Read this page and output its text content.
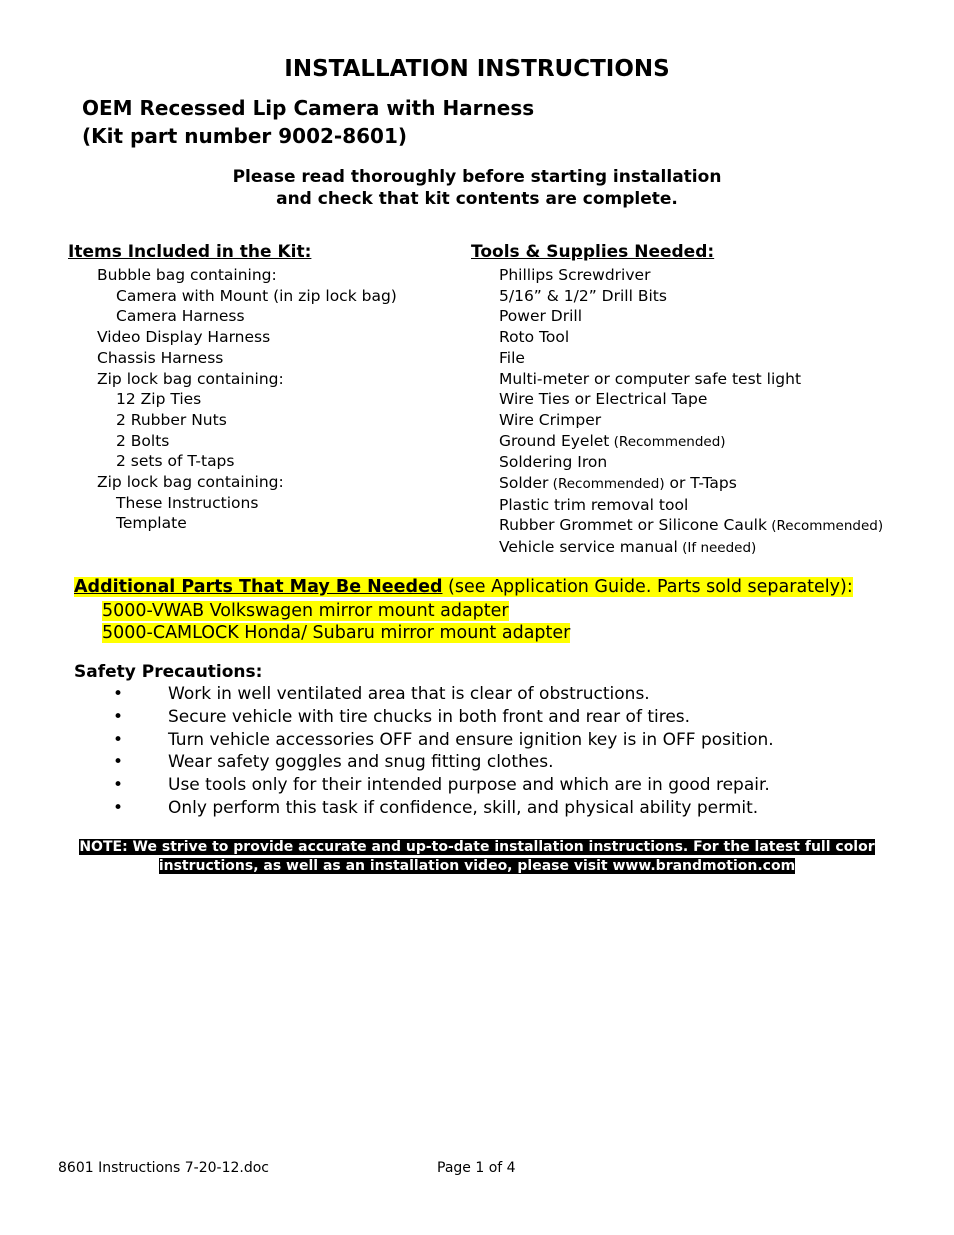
INSTALLATION INSTRUCTIONS
OEM Recessed Lip Camera with Harness
(Kit part number 9002-8601)
Please read thoroughly before starting installation
and check that kit contents are complete.
Items Included in the Kit:
Bubble bag containing:
Camera with Mount (in zip lock bag)
Camera Harness
Video Display Harness
Chassis Harness
Zip lock bag containing:
12 Zip Ties
2 Rubber Nuts
2 Bolts
2 sets of T-taps
Zip lock bag containing:
These Instructions
Template
Tools & Supplies Needed:
Phillips Screwdriver
5/16” & 1/2” Drill Bits
Power Drill
Roto Tool
File
Multi-meter or computer safe test light
Wire Ties or Electrical Tape
Wire Crimper
Ground Eyelet (Recommended)
Soldering Iron
Solder (Recommended) or T-Taps
Plastic trim removal tool
Rubber Grommet or Silicone Caulk (Recommended)
Vehicle service manual (If needed)
Additional Parts That May Be Needed (see Application Guide. Parts sold separately):
5000-VWAB Volkswagen mirror mount adapter
5000-CAMLOCK Honda/ Subaru mirror mount adapter
Safety Precautions:
•	Work in well ventilated area that is clear of obstructions.
•	Secure vehicle with tire chucks in both front and rear of tires.
•	Turn vehicle accessories OFF and ensure ignition key is in OFF position.
•	Wear safety goggles and snug fitting clothes.
•	Use tools only for their intended purpose and which are in good repair.
•	Only perform this task if confidence, skill, and physical ability permit.
NOTE: We strive to provide accurate and up-to-date installation instructions. For the latest full color
instructions, as well as an installation video, please visit www.brandmotion.com
8601 Instructions 7-20-12.doc	Page 1 of 4
